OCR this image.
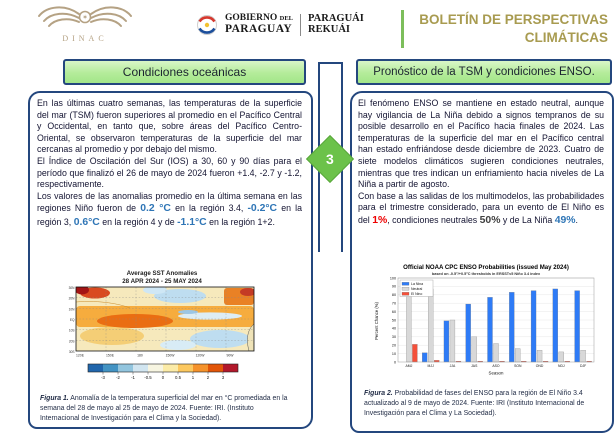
✶
DINAC
GOBIERNO DEL
PARAGUAY
PARAGUÁI
REKUÁI
BOLETÍN DE PERSPECTIVAS
CLIMÁTICAS
Condiciones oceánicas	Pronóstico de la TSM y condiciones ENSO.
3
En las últimas cuatro semanas, las temperaturas de la superficie del mar (TSM) fueron superiores al promedio en el Pacífico Central y Occidental, en tanto que, sobre áreas del Pacífico Centro-Oriental, se observaron temperaturas de la superficie del mar cercanas al promedio y por debajo del mismo.
El Índice de Oscilación del Sur (IOS) a 30, 60 y 90 días para el período que finalizó el 26 de mayo de 2024 fueron +1.4, -2.7 y -1.2, respectivamente.
Los valores de las anomalias promedio en la última semana en las regiones Niño fueron de 0.2 °C en la región 3.4, -0.2°C en la región 3, 0.6°C en la región 4 y de -1.1°C en la región 1+2.
El fenómeno ENSO se mantiene en estado neutral, aunque hay vigilancia de La Niña debido a signos tempranos de su posible desarrollo en el Pacífico hacia finales de 2024. Las temperaturas de la superficie del mar en el Pacífico central han estado enfriándose desde diciembre de 2023. Cuatro de siete modelos climáticos sugieren condiciones neutrales, mientras que tres indican un enfriamiento hacia niveles de La Niña a partir de agosto.
Con base a las salidas de los multimodelos, las probabilidades para el trimestre considerado, para un evento de El Niño es del 1%, condiciones neutrales 50% y de La Niña 49%.
Average SST Anomalies
28 APR 2024 - 25 MAY 2024
120E	150E	180	150W	120W	90W
30N
20N
10N
EQ
10S
20S
30S
-3	-2	-1 -0.5 0	0.5	1	2	3
Figura 1. Anomalía de la temperatura superficial del mar en °C promediada en la semana del 28 de mayo al 25 de mayo de 2024. Fuente: IRI. (Instituto Internacional de Investigación para el Clima y la Sociedad).
Official NOAA CPC ENSO Probabilities (issued May 2024)
based on -0.5°/+0.5°C thresholds in ERSSTv5 Niño 3.4 index
0
10
20
30
40
50
60
70
80
90
100
AMJ	MJJ	JJA	JAS	ASO	SON	OND	NDJ	DJF
La Nina
Neutral
El Nino
Percent Chance (%)
Season
Figura 2. Probabilidad de fases del ENSO para la región de El Niño 3.4 actualizado al 9 de mayo de 2024. Fuente: IRI (Instituto Internacional de Investigación para el Clima y La Sociedad).
